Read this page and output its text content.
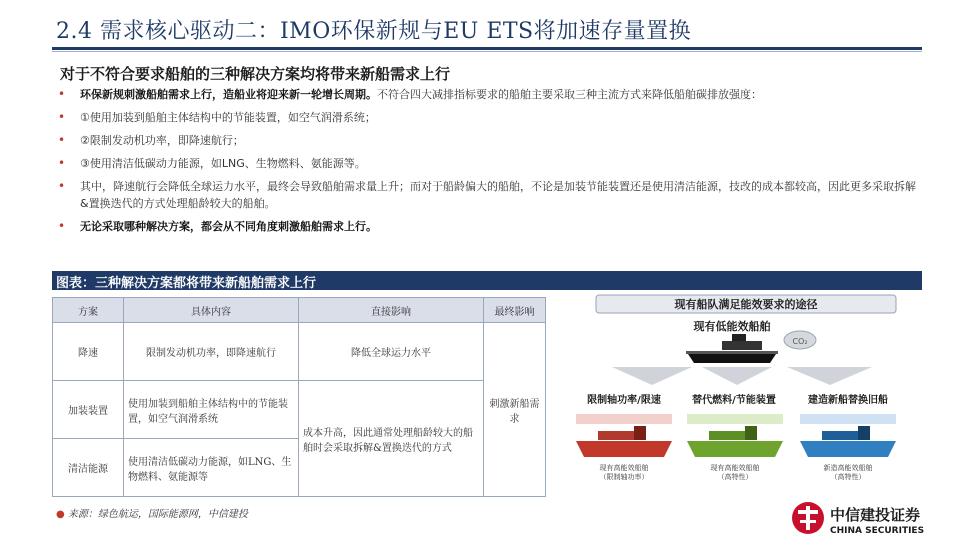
2.4 需求核心驱动二：IMO环保新规与EU ETS将加速存量置换
对于不符合要求船舶的三种解决方案均将带来新船需求上行
• 环保新规刺激船舶需求上行，造船业将迎来新一轮增长周期。不符合四大减排指标要求的船舶主要采取三种主流方式来降低船舶碳排放强度：
• ①使用加装到船舶主体结构中的节能装置，如空气润滑系统；
• ②限制发动机功率，即降速航行；
• ③使用清洁低碳动力能源，如LNG、生物燃料、氨能源等。
• 其中，降速航行会降低全球运力水平，最终会导致船舶需求量上升；而对于船龄偏大的船舶，不论是加装节能装置还是使用清洁能源，技改的成本都较高，因此更多采取拆解&置换迭代的方式处理船龄较大的船舶。
• 无论采取哪种解决方案，都会从不同角度刺激船舶需求上行。
图表：三种解决方案都将带来新船舶需求上行
方案	具体内容	直接影响	最终影响
降速	限制发动机功率，即降速航行	降低全球运力水平	刺激新船需求
加装装置	使用加装到船舶主体结构中的节能装置，如空气润滑系统	成本升高，因此通常处理船龄较大的船舶时会采取拆解&置换迭代的方式	
清洁能源	使用清洁低碳动力能源，如LNG、生物燃料、氨能源等		
● 来源：绿色航运，国际能源网，中信建投
现有船队满足能效要求的途径
现有低能效船舶
CO₂
限制轴功率/限速	替代燃料/节能装置	建造新船替换旧船
现有高能效船舶
（限制轴功率）
现有高能效船舶
（高特性）
新造高能效船舶
（高特性）
中信建投证券
CHINA SECURITIES
